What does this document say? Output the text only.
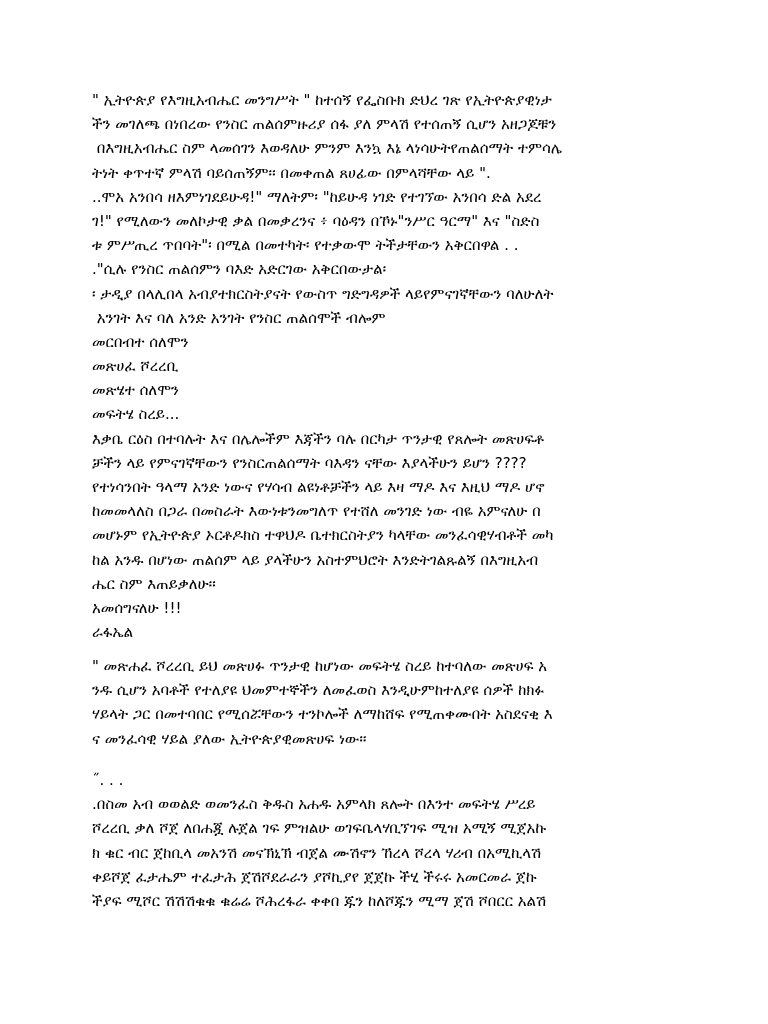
" ኢትዮጵያ የእግዚአብሔር መንግሥት " ከተሰኝ የፌስቡክ ድህረ ገጽ የኢትዮጵያዊነታ
ችን መገለጫ በነበረው የንስር ጠልሰምዙሪያ ሰፋ ያለ ምላሽ የተሰጠኝ ሲሆን አዘጋጆቹን
በእግዚአብሔር ስም ላመሰገን እወዳለሁ ምንም እንኳ እኔ ላነሳሁትየጠልሰማት ተምሳሌ
ትነት ቀጥተኛ ምላሽ ባይሰጠኝም፡፡ በመቀጠል ጸሀፊው በምላሻቸው ላይ ".
..ሞአ አንበሳ ዘእምነገደይሁዳ!" ማለትም፡ "ከይሁዳ ነገድ የተገኘው አንበሳ ድል አደረ
ገ!" የሚለውን መለኮታዊ ቃል በመቃረንና ፥ ባዕዳን በኾኑ"ንሥር ዓርማ" እና "ስድስ
ቱ ምሥጢረ ጥበባት"፡ በሚል በመተካት፡ የተቃውሞ ትችታቸውን አቅርበዋል . .
."ሲሉ የንስር ጠልሰምን ባእድ አድርገው አቅርበውታል፡
፡ ታዲያ በላሊበላ አብያተክርስትያናት የውስጥ ግድግዳዎች ላይየምናገኛቸውን ባለሁለት
አንገት እና ባለ አንድ አንገት የንስር ጠልሰሞች ብሎም
መርበብተ ሰለሞን
መጽሀፈ ሾረረቢ
መጽሄተ ሰለሞን
መፍትሄ ስረይ...
እቃቤ ርዕስ በተባሉት እና በሌሎችም እጃችን ባሉ በርካታ ጥንታዊ የጸሎት መጽሀፍቶ
ቻችን ላይ የምናገኛቸውን የንስርጠልሰማት ባእዳን ናቸው እያላችሁን ይሆን ????
የተነሳንበት ዓላማ አንድ ነውና የሃሳብ ልዩነቶቻችን ላይ እዛ ማዶ እና እዚህ ማዶ ሆኖ
ከመመላለስ በጋራ በመስራት እውነቱንመግለጥ የተሸለ መንገድ ነው ብዬ አምናለሁ በ
መሆኑም የኢትዮጵያ ኦርቶዶክስ ተዋህዶ ቤተክርስትያን ካላቸው መንፈሳዊሃብቶች መካ
ከል አንዱ በሆነው ጠልሰም ላይ ያላችሁን አስተምህሮት እንድትገልጹልኝ በእግዚአብ
ሔር ስም እጠይቃለሁ፡፡
አመሰግናለሁ !!!
ራፋኤል
" መጽሐፈ ሾረረቢ ይህ መጽሀፉ ጥንታዊ ከሆነው መፍትሄ ስረይ ከተባለው መጽሀፍ አ
ንዱ ሲሆን አባቶች የተለያዩ ህመምተኞችን ለመፈወስ እንዲሁምከተለያዩ ሰዎች ከክፉ
ሃይላት ጋር በመተባበር የሚሰሯቸውን ተንኮሎች ለማከሸፍ የሚጠቀሙበት አስደናቂ እ
ና መንፈሳዊ ሃይል ያለው ኢትዮጵያዊመጽሀፍ ነው፡፡
˝. . .
.በስመ አብ ወወልድ ወመንፈስ ቅዱስ አሐዱ አምላክ ጸሎት በእንተ መፍትሄ ሥረይ
ሾረረቢ ቃለ ሾጀ ለበሐጇ ሉጀል ገፍ ምዝልሁ ወገፍቤላሃቢኘገፍ ሚዝ አሚኝ ሚጀአኩ
ክ ቁር ብር ጀከቢላ መአንሽ መናኽኒኽ ብጀል ሙሽኖን ኸረላ ሾረላ ሃሪብ በአሚኪላሽ
ቀይሾጀ ፈታሔም ተፈታሕ ጀሽሾደራራን ያሾኪያየ ጀጀኩ ችሂ ችሩሩ አመርመራ ጀኩ
ችያፍ ሚሾር ሽሽሽቁቁ ቁሬሬ ሾሕረፋራ ቀቀበ ጁን ከለሾጁን ሚማ ጀሽ ሾበርር አልሽ
